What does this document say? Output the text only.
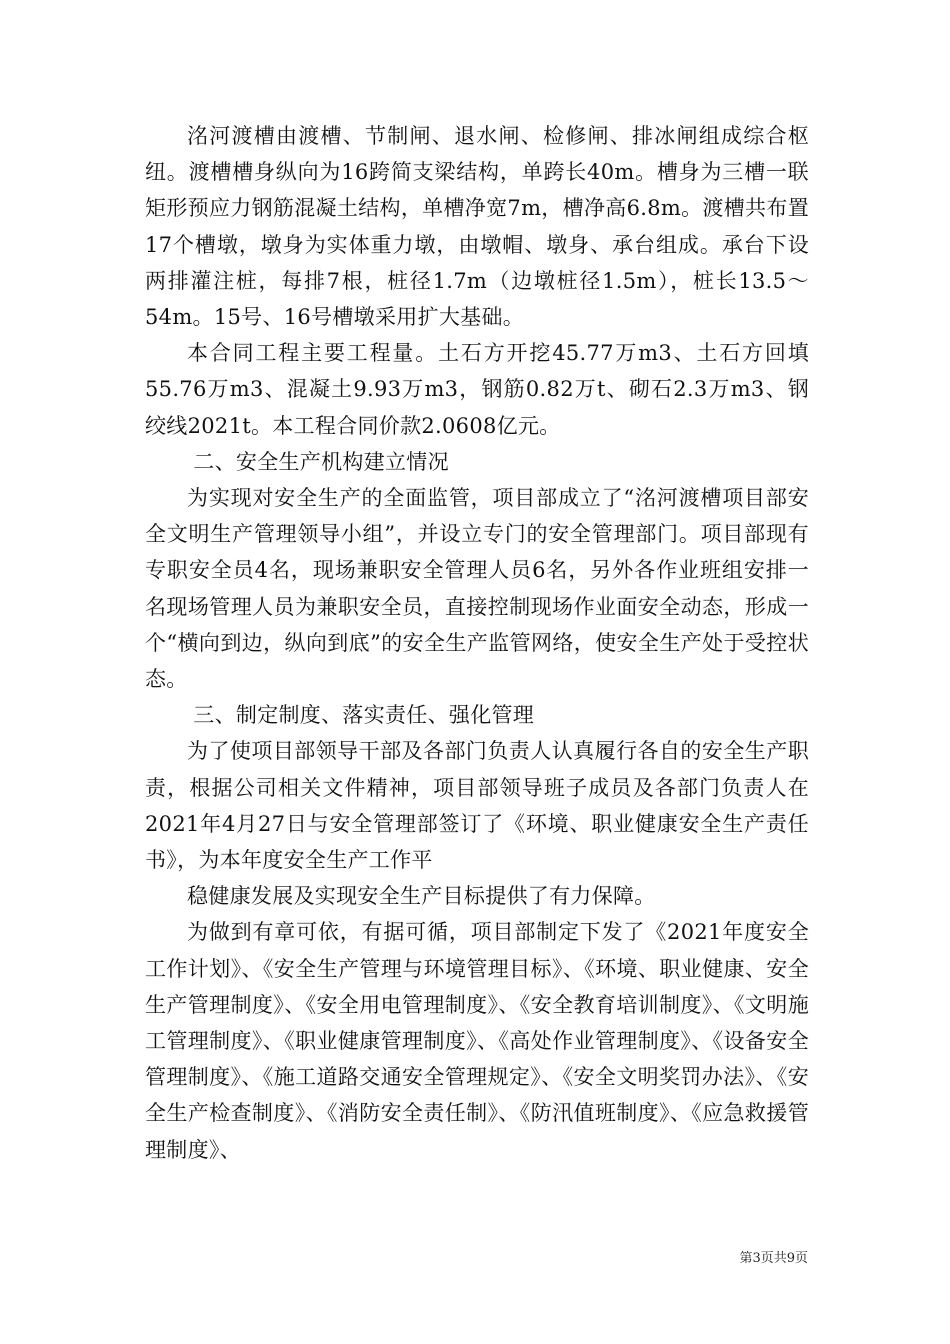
洺河渡槽由渡槽、节制闸、退水闸、检修闸、排冰闸组成综合枢纽。渡槽槽身纵向为16跨简支梁结构，单跨长40m。槽身为三槽一联矩形预应力钢筋混凝土结构，单槽净宽7m，槽净高6.8m。渡槽共布置17个槽墩，墩身为实体重力墩，由墩帽、墩身、承台组成。承台下设两排灌注桩，每排7根，桩径1.7m（边墩桩径1.5m），桩长13.5～54m。15号、16号槽墩采用扩大基础。

本合同工程主要工程量。土石方开挖45.77万m3、土石方回填55.76万m3、混凝土9.93万m3，钢筋0.82万t、砌石2.3万m3、钢绞线2021t。本工程合同价款2.0608亿元。

二、安全生产机构建立情况

为实现对安全生产的全面监管，项目部成立了“洺河渡槽项目部安全文明生产管理领导小组”，并设立专门的安全管理部门。项目部现有专职安全员4名，现场兼职安全管理人员6名，另外各作业班组安排一名现场管理人员为兼职安全员，直接控制现场作业面安全动态，形成一个“横向到边，纵向到底”的安全生产监管网络，使安全生产处于受控状态。

三、制定制度、落实责任、强化管理

为了使项目部领导干部及各部门负责人认真履行各自的安全生产职责，根据公司相关文件精神，项目部领导班子成员及各部门负责人在2021年4月27日与安全管理部签订了《环境、职业健康安全生产责任书》，为本年度安全生产工作平

稳健康发展及实现安全生产目标提供了有力保障。

为做到有章可依，有据可循，项目部制定下发了《2021年度安全工作计划》、《安全生产管理与环境管理目标》、《环境、职业健康、安全生产管理制度》、《安全用电管理制度》、《安全教育培训制度》、《文明施工管理制度》、《职业健康管理制度》、《高处作业管理制度》、《设备安全管理制度》、《施工道路交通安全管理规定》、《安全文明奖罚办法》、《安全生产检查制度》、《消防安全责任制》、《防汛值班制度》、《应急救援管理制度》、

第3页共9页
